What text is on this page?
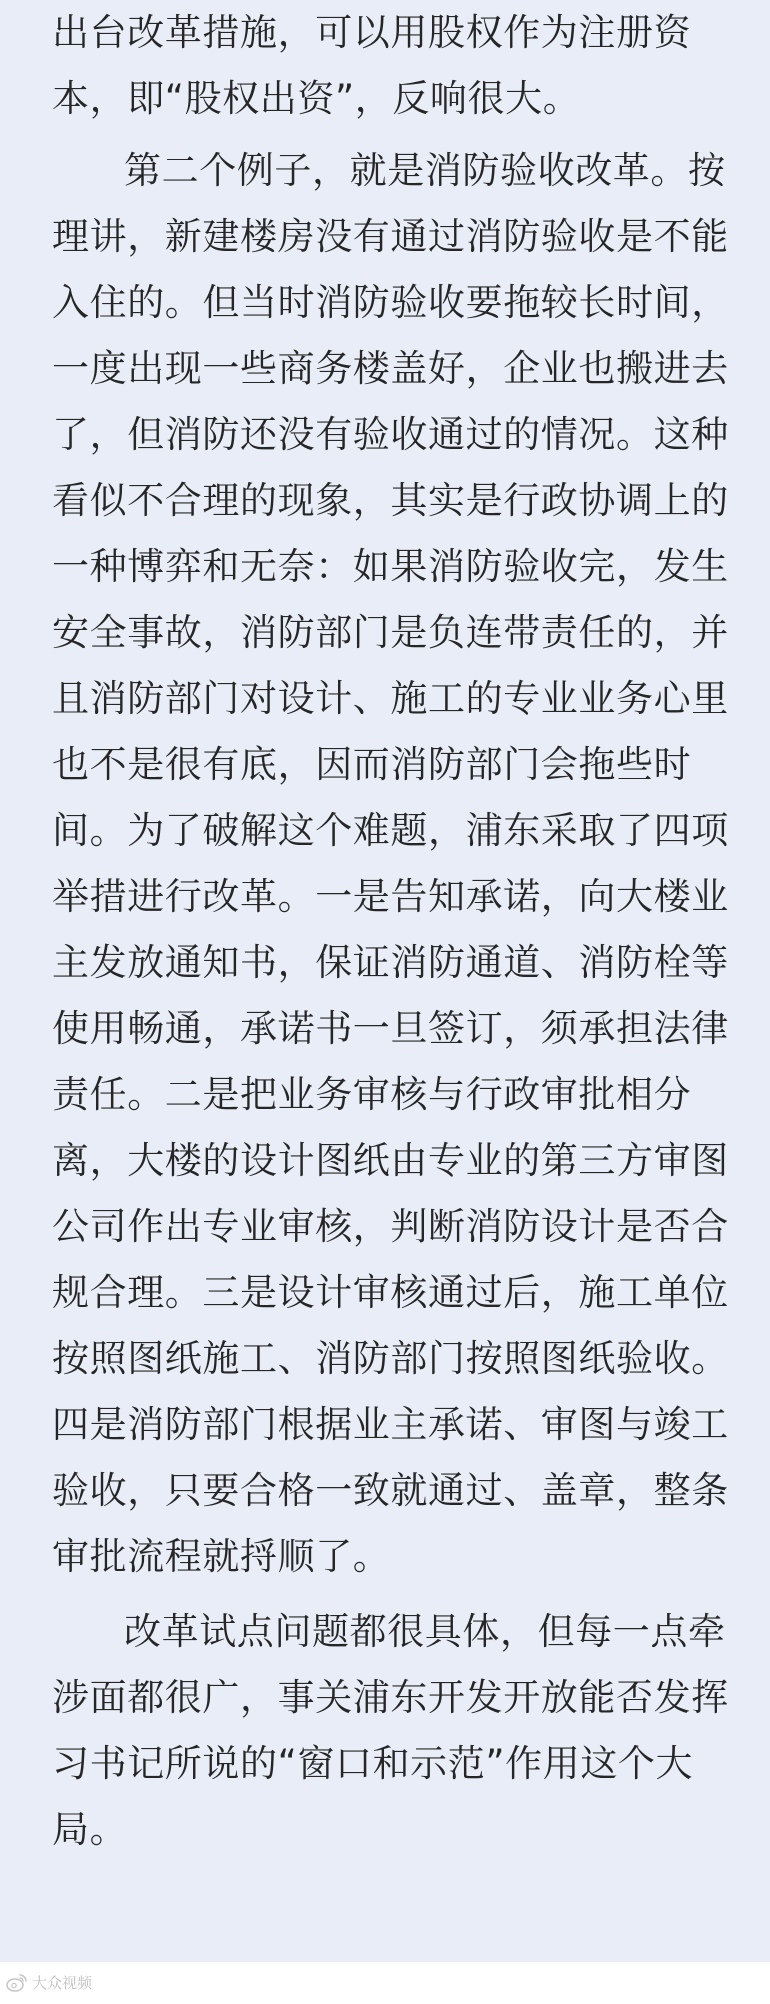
出台改革措施，可以用股权作为注册资
本，即“股权出资”，反响很大。
第二个例子，就是消防验收改革。按
理讲，新建楼房没有通过消防验收是不能
入住的。但当时消防验收要拖较长时间，
一度出现一些商务楼盖好，企业也搬进去
了，但消防还没有验收通过的情况。这种
看似不合理的现象，其实是行政协调上的
一种博弈和无奈：如果消防验收完，发生
安全事故，消防部门是负连带责任的，并
且消防部门对设计、施工的专业业务心里
也不是很有底，因而消防部门会拖些时
间。为了破解这个难题，浦东采取了四项
举措进行改革。一是告知承诺，向大楼业
主发放通知书，保证消防通道、消防栓等
使用畅通，承诺书一旦签订，须承担法律
责任。二是把业务审核与行政审批相分
离，大楼的设计图纸由专业的第三方审图
公司作出专业审核，判断消防设计是否合
规合理。三是设计审核通过后，施工单位
按照图纸施工、消防部门按照图纸验收。
四是消防部门根据业主承诺、审图与竣工
验收，只要合格一致就通过、盖章，整条
审批流程就捋顺了。
改革试点问题都很具体，但每一点牵
涉面都很广，事关浦东开发开放能否发挥
习书记所说的“窗口和示范”作用这个大
局。
大众视频
